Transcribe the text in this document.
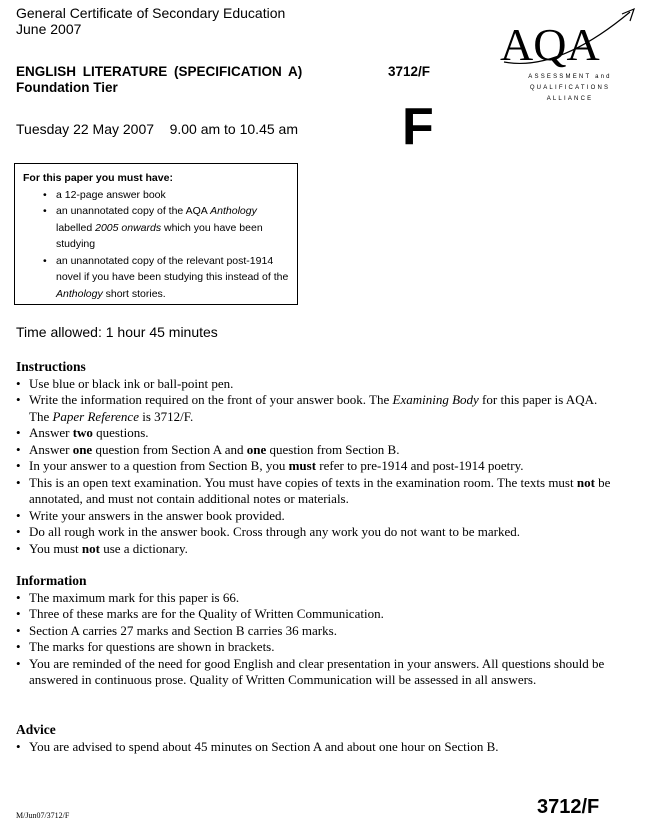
General Certificate of Secondary Education
June 2007
ENGLISH LITERATURE (SPECIFICATION A)
Foundation Tier
3712/F
Tuesday 22 May 2007    9.00 am to 10.45 am F
AQA
ASSESSMENT and
QUALIFICATIONS
ALLIANCE
For this paper you must have:
• a 12-page answer book
• an unannotated copy of the AQA Anthology labelled 2005 onwards which you have been studying
• an unannotated copy of the relevant post-1914 novel if you have been studying this instead of the Anthology short stories.
Time allowed: 1 hour 45 minutes
Instructions
• Use blue or black ink or ball-point pen.
• Write the information required on the front of your answer book. The Examining Body for this paper is AQA. The Paper Reference is 3712/F.
• Answer two questions.
• Answer one question from Section A and one question from Section B.
• In your answer to a question from Section B, you must refer to pre-1914 and post-1914 poetry.
• This is an open text examination. You must have copies of texts in the examination room. The texts must not be annotated, and must not contain additional notes or materials.
• Write your answers in the answer book provided.
• Do all rough work in the answer book. Cross through any work you do not want to be marked.
• You must not use a dictionary.
Information
• The maximum mark for this paper is 66.
• Three of these marks are for the Quality of Written Communication.
• Section A carries 27 marks and Section B carries 36 marks.
• The marks for questions are shown in brackets.
• You are reminded of the need for good English and clear presentation in your answers. All questions should be answered in continuous prose. Quality of Written Communication will be assessed in all answers.
Advice
• You are advised to spend about 45 minutes on Section A and about one hour on Section B.
M/Jun07/3712/F	3712/F
